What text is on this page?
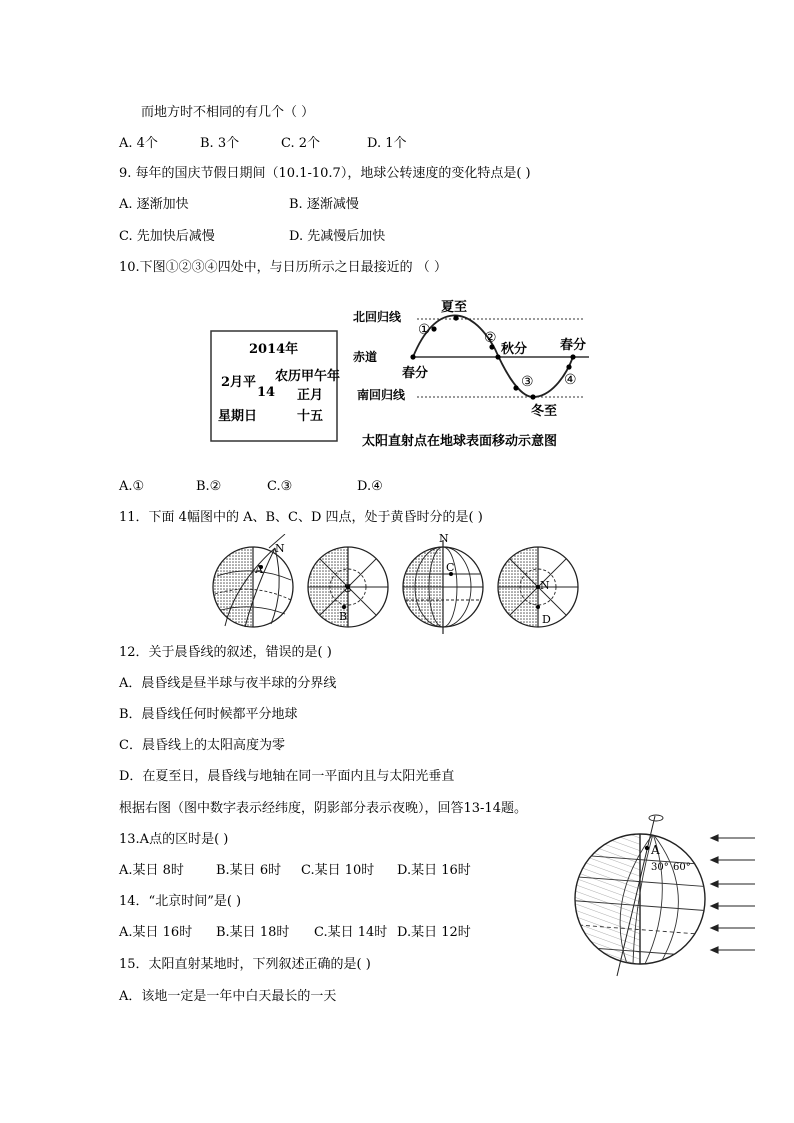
而地方时不相同的有几个（ ）
A. 4个	B. 3个	C. 2个	D. 1个
9. 每年的国庆节假日期间（10.1-10.7），地球公转速度的变化特点是( )
A. 逐渐加快	B. 逐渐减慢
C. 先加快后减慢	D. 先减慢后加快
10.下图①②③④四处中，与日历所示之日最接近的 （ ）
2014年
2月平
14
农历甲午年
正月
星期日	十五
北回归线
赤道
南回归线
夏至
①	②
秋分	春分
春分
③ ④
冬至
太阳直射点在地球表面移动示意图
A.①	B.②	C.③	D.④
11．下面 4幅图中的 A、B、C、D 四点，处于黄昏时分的是( )
N
A
S
B
N
C
N
D
12．关于晨昏线的叙述，错误的是( )
A．晨昏线是昼半球与夜半球的分界线
B．晨昏线任何时候都平分地球
C．晨昏线上的太阳高度为零
D．在夏至日，晨昏线与地轴在同一平面内且与太阳光垂直
根据右图（图中数字表示经纬度，阴影部分表示夜晚），回答13-14题。
13.A点的区时是( )
A.某日 8时 B.某日 6时 C.某日 10时 D.某日 16时
14．“北京时间”是( )
A.某日 16时 B.某日 18时 C.某日 14时 D.某日 12时
A
30° 60°
15．太阳直射某地时，下列叙述正确的是( )
A．该地一定是一年中白天最长的一天
